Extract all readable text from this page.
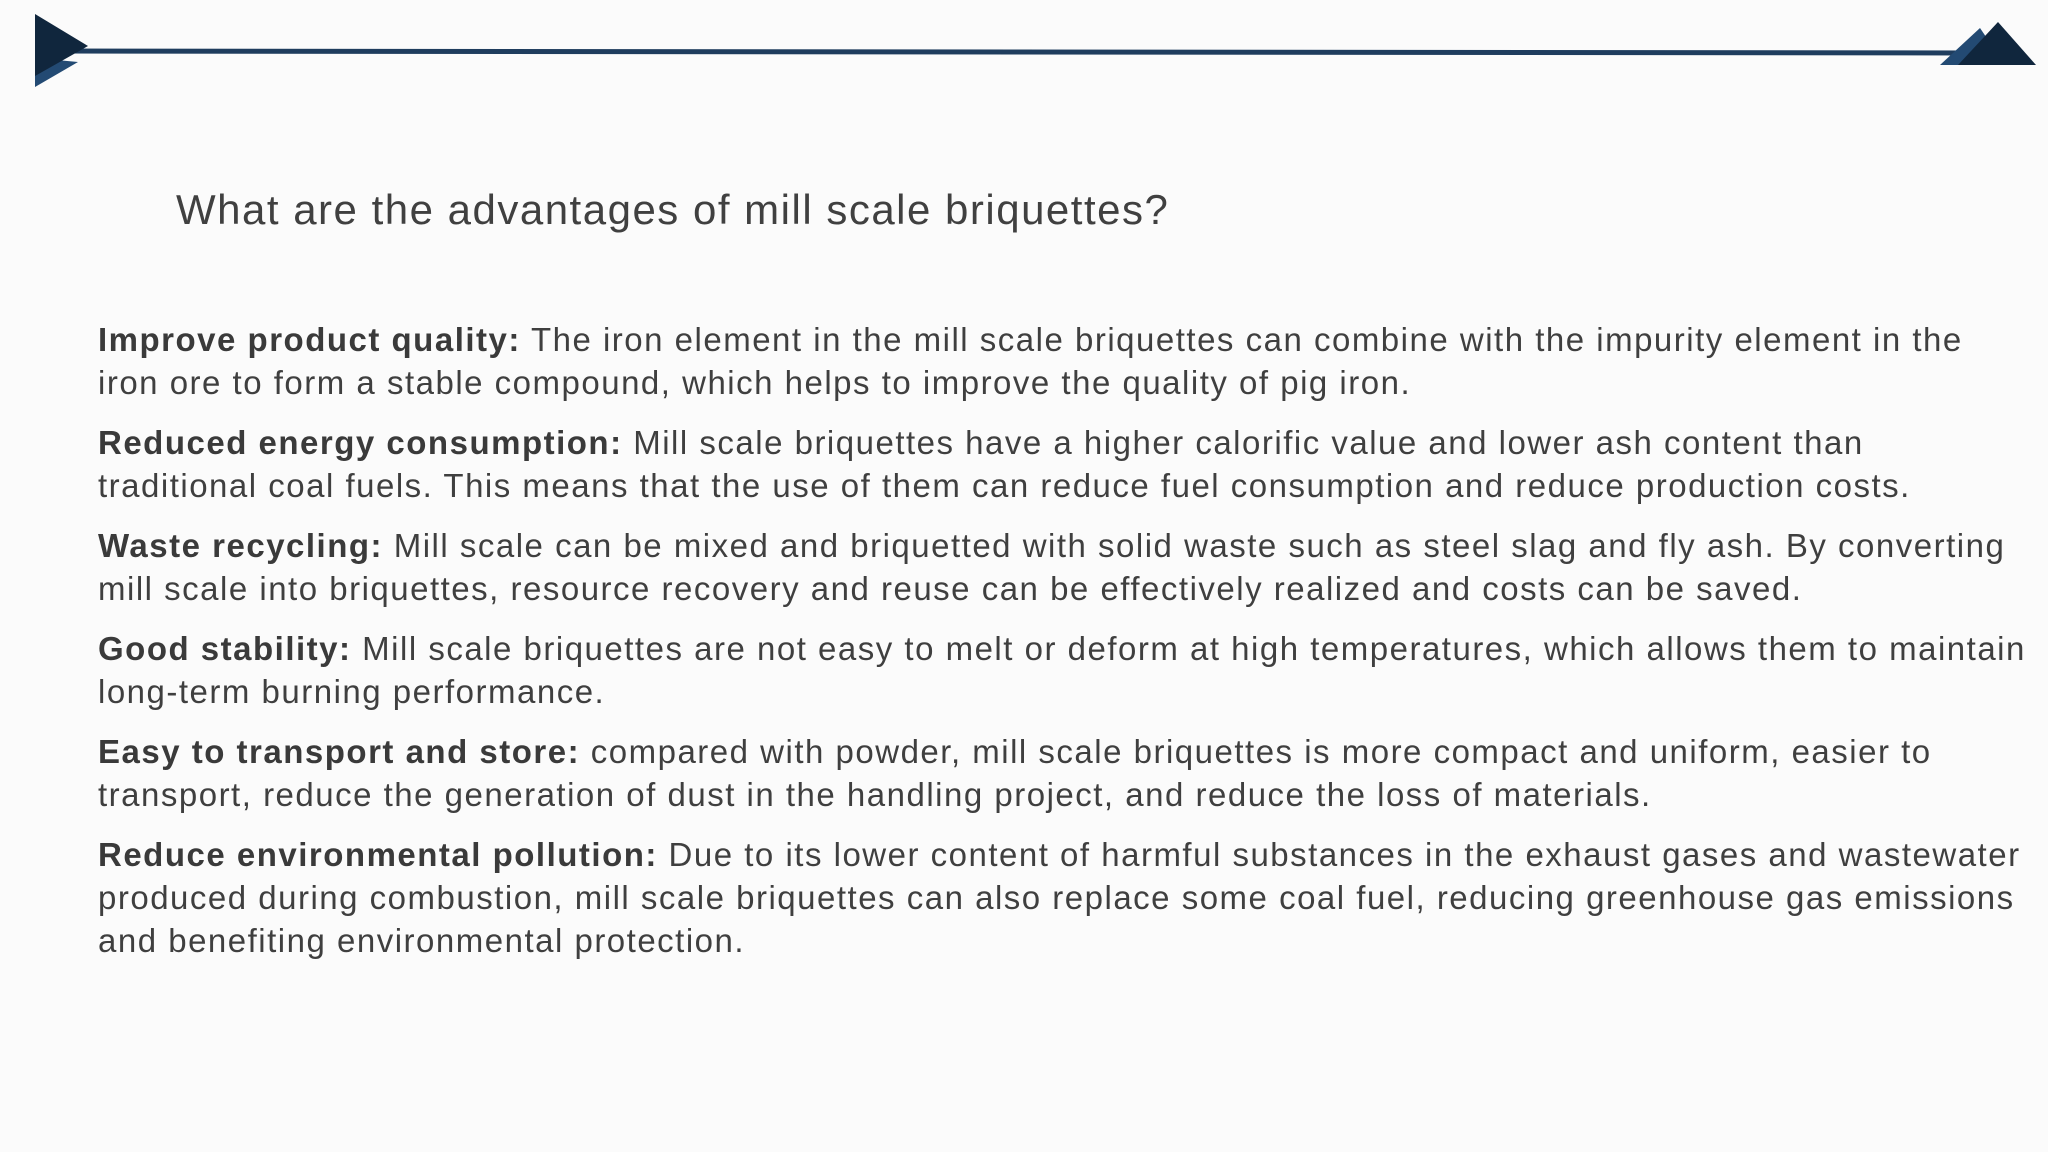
What are the advantages of mill scale briquettes?

Improve product quality: The iron element in the mill scale briquettes can combine with the impurity element in the iron ore to form a stable compound, which helps to improve the quality of pig iron.

Reduced energy consumption: Mill scale briquettes have a higher calorific value and lower ash content than traditional coal fuels. This means that the use of them can reduce fuel consumption and reduce production costs.

Waste recycling: Mill scale can be mixed and briquetted with solid waste such as steel slag and fly ash. By converting mill scale into briquettes, resource recovery and reuse can be effectively realized and costs can be saved.

Good stability: Mill scale briquettes are not easy to melt or deform at high temperatures, which allows them to maintain long-term burning performance.

Easy to transport and store: compared with powder, mill scale briquettes is more compact and uniform, easier to transport, reduce the generation of dust in the handling project, and reduce the loss of materials.

Reduce environmental pollution: Due to its lower content of harmful substances in the exhaust gases and wastewater produced during combustion, mill scale briquettes can also replace some coal fuel, reducing greenhouse gas emissions and benefiting environmental protection.
